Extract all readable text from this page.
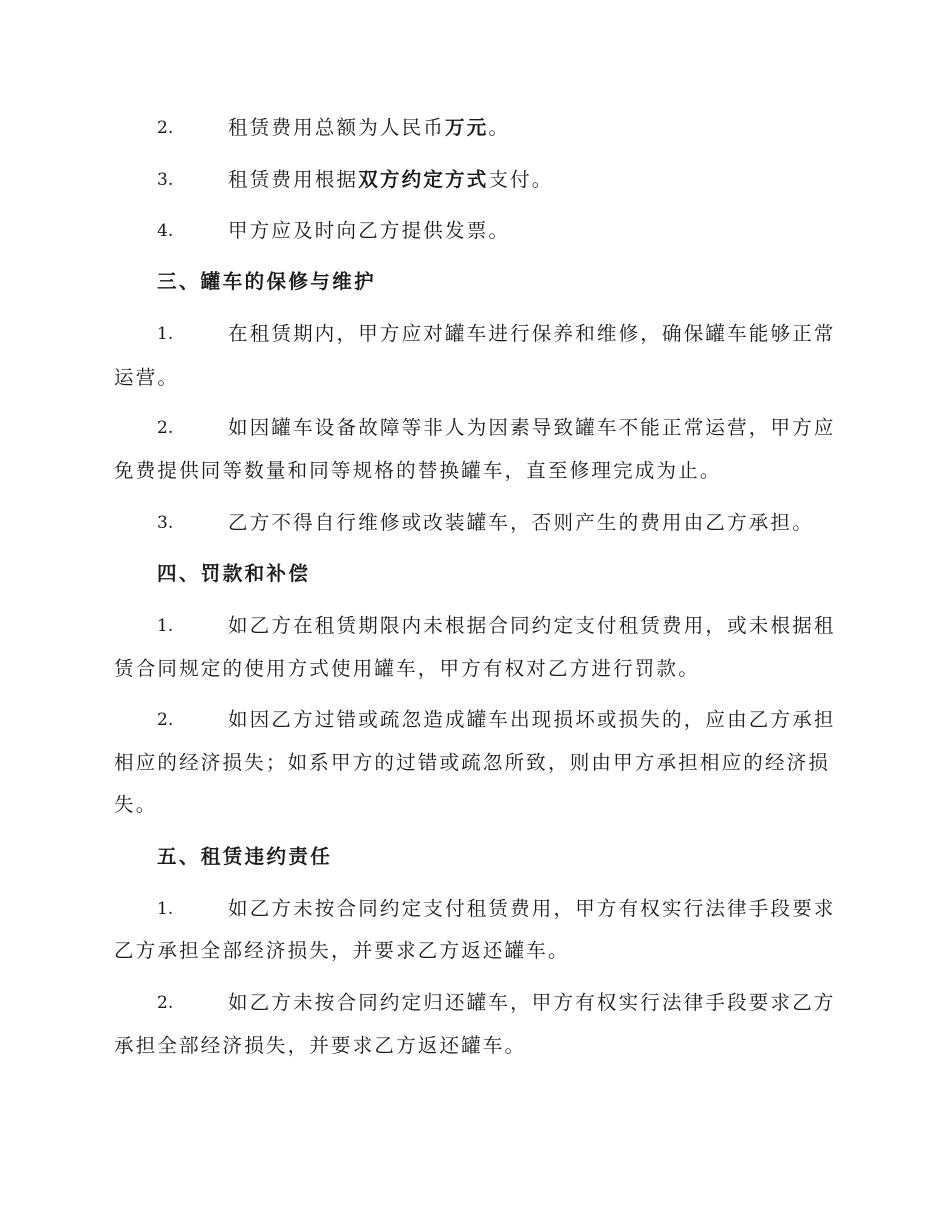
2.	租赁费用总额为人民币万元。
3.	租赁费用根据双方约定方式支付。
4.	甲方应及时向乙方提供发票。
三、罐车的保修与维护
1.	在租赁期内，甲方应对罐车进行保养和维修，确保罐车能够正常
运营。
2.	如因罐车设备故障等非人为因素导致罐车不能正常运营，甲方应
免费提供同等数量和同等规格的替换罐车，直至修理完成为止。
3.	乙方不得自行维修或改装罐车，否则产生的费用由乙方承担。
四、罚款和补偿
1.	如乙方在租赁期限内未根据合同约定支付租赁费用，或未根据租
赁合同规定的使用方式使用罐车，甲方有权对乙方进行罚款。
2.	如因乙方过错或疏忽造成罐车出现损坏或损失的，应由乙方承担
相应的经济损失；如系甲方的过错或疏忽所致，则由甲方承担相应的经济损
失。
五、租赁违约责任
1.	如乙方未按合同约定支付租赁费用，甲方有权实行法律手段要求
乙方承担全部经济损失，并要求乙方返还罐车。
2.	如乙方未按合同约定归还罐车，甲方有权实行法律手段要求乙方
承担全部经济损失，并要求乙方返还罐车。
